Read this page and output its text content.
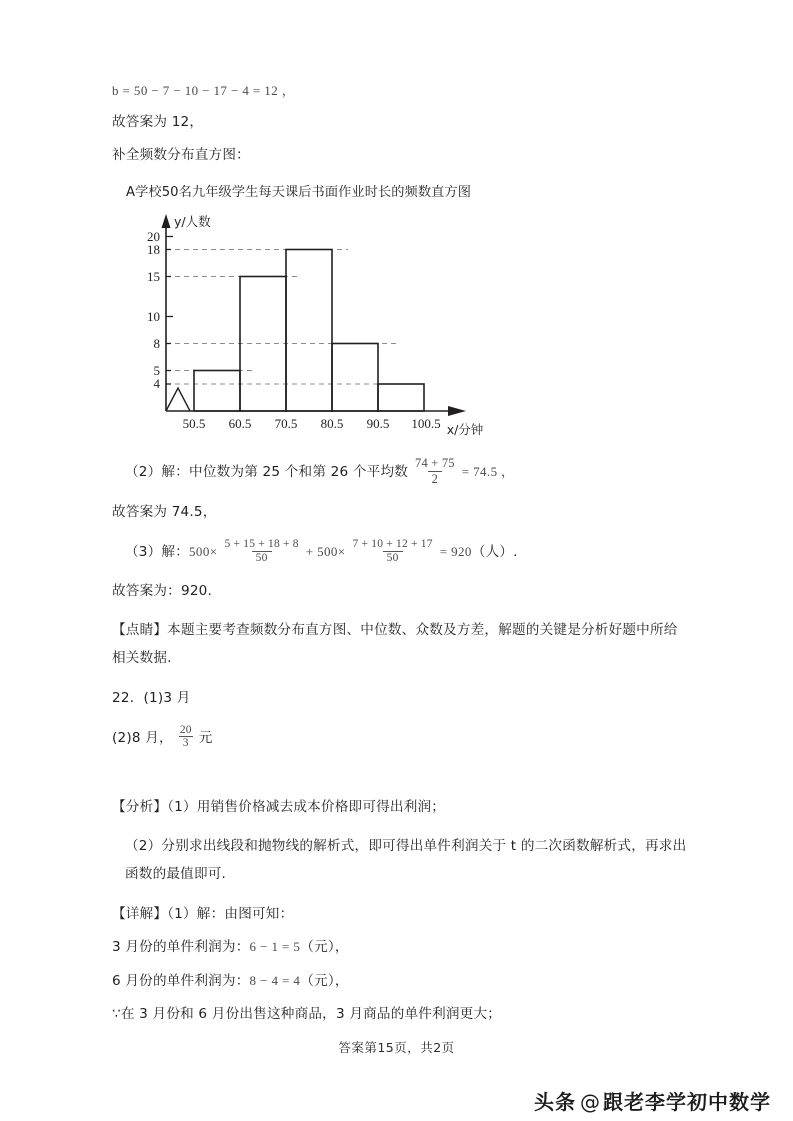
b = 50 − 7 − 10 − 17 − 4 = 12 ，
故答案为 12，
补全频数分布直方图：
A学校50名九年级学生每天课后书面作业时长的频数直方图
20
18
15
10
8
5
4
50.5 60.5 70.5 80.5 90.5 100.5
y/人数
x/分钟
（2）解：中位数为第 25 个和第 26 个平均数 $\frac{74 + 75}{2} = 74.5$ ，
故答案为 74.5，
（3）解：$500\times \frac{5 + 15 + 18 + 8}{50} + 500\times \frac{7 + 10 + 12 + 17}{50} = 920$（人）.
故答案为：920.
【点睛】本题主要考查频数分布直方图、中位数、众数及方差，解题的关键是分析好题中所给相关数据.
22．(1)3 月
(2)8 月， $\frac{20}{3}$ 元
【分析】（1）用销售价格减去成本价格即可得出利润；
（2）分别求出线段和抛物线的解析式，即可得出单件利润关于 t 的二次函数解析式，再求出函数的最值即可.
【详解】（1）解：由图可知：
3 月份的单件利润为：6 − 1 = 5（元），
6 月份的单件利润为：8 − 4 = 4（元），
∵在 3 月份和 6 月份出售这种商品，3 月商品的单件利润更大；
答案第15页，共2页
头条 @ 跟老李学初中数学
